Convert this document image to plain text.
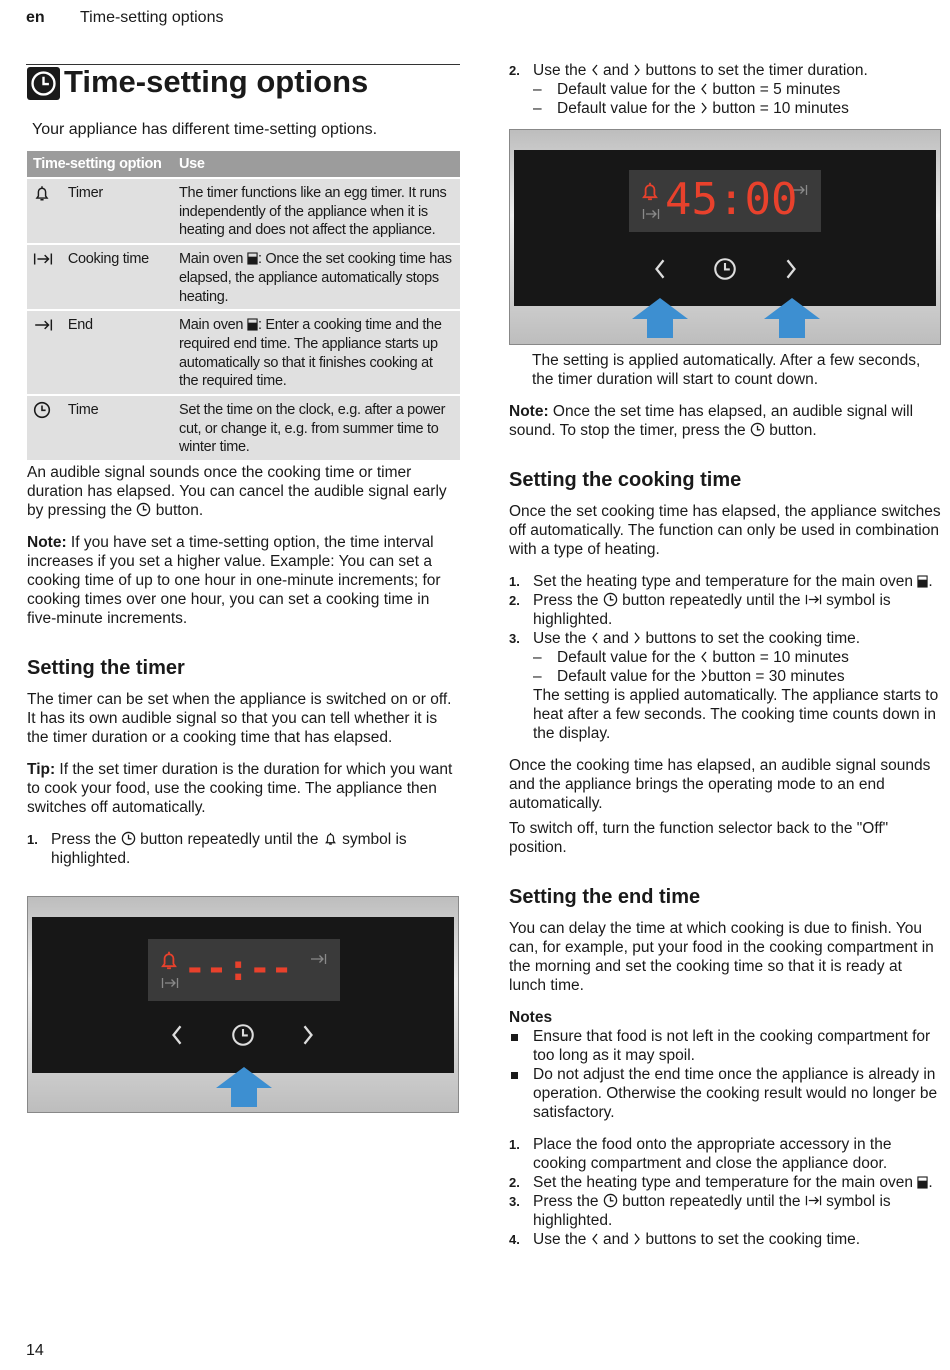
en Time-setting options
Time-setting options

Your appliance has different time-setting options.

Time-setting option		Use
	Timer	The timer functions like an egg timer. It runs independently of the appliance when it is heating and does not affect the appliance.
	Cooking time	Main oven : Once the set cooking time has elapsed, the appliance automatically stops heating.
	End	Main oven : Enter a cooking time and the required end time. The appliance starts up automatically so that it finishes cooking at the required time.
	Time	Set the time on the clock, e.g. after a power cut, or change it, e.g. from summer time to winter time.

An audible signal sounds once the cooking time or timer duration has elapsed. You can cancel the audible signal early by pressing the  button.

Note: If you have set a time-setting option, the time interval increases if you set a higher value. Example: You can set a cooking time of up to one hour in one-minute increments; for cooking times over one hour, you can set a cooking time in five-minute increments.

Setting the timer

The timer can be set when the appliance is switched on or off. It has its own audible signal so that you can tell whether it is the timer duration or a cooking time that has elapsed.

Tip: If the set timer duration is the duration for which you want to cook your food, use the cooking time. The appliance then switches off automatically.

1. Press the  button repeatedly until the  symbol is highlighted.
--:--
2. Use the  and  buttons to set the timer duration.
– Default value for the  button = 5 minutes
– Default value for the  button = 10 minutes
45:00

The setting is applied automatically. After a few seconds, the timer duration will start to count down.

Note: Once the set time has elapsed, an audible signal will sound. To stop the timer, press the  button.

Setting the cooking time

Once the set cooking time has elapsed, the appliance switches off automatically. The function can only be used in combination with a type of heating.

1. Set the heating type and temperature for the main oven .
2. Press the  button repeatedly until the  symbol is highlighted.
3. Use the  and  buttons to set the cooking time.
– Default value for the  button = 10 minutes
– Default value for the button = 30 minutes

The setting is applied automatically. The appliance starts to heat after a few seconds. The cooking time counts down in the display.

Once the cooking time has elapsed, an audible signal sounds and the appliance brings the operating mode to an end automatically.

To switch off, turn the function selector back to the "Off" position.

Setting the end time

You can delay the time at which cooking is due to finish. You can, for example, put your food in the cooking compartment in the morning and set the cooking time so that it is ready at lunch time.

Notes

Ensure that food is not left in the cooking compartment for too long as it may spoil.
Do not adjust the end time once the appliance is already in operation. Otherwise the cooking result would no longer be satisfactory.
1. Place the food onto the appropriate accessory in the cooking compartment and close the appliance door.
2. Set the heating type and temperature for the main oven .
3. Press the  button repeatedly until the  symbol is highlighted.
4. Use the  and  buttons to set the cooking time.
14
